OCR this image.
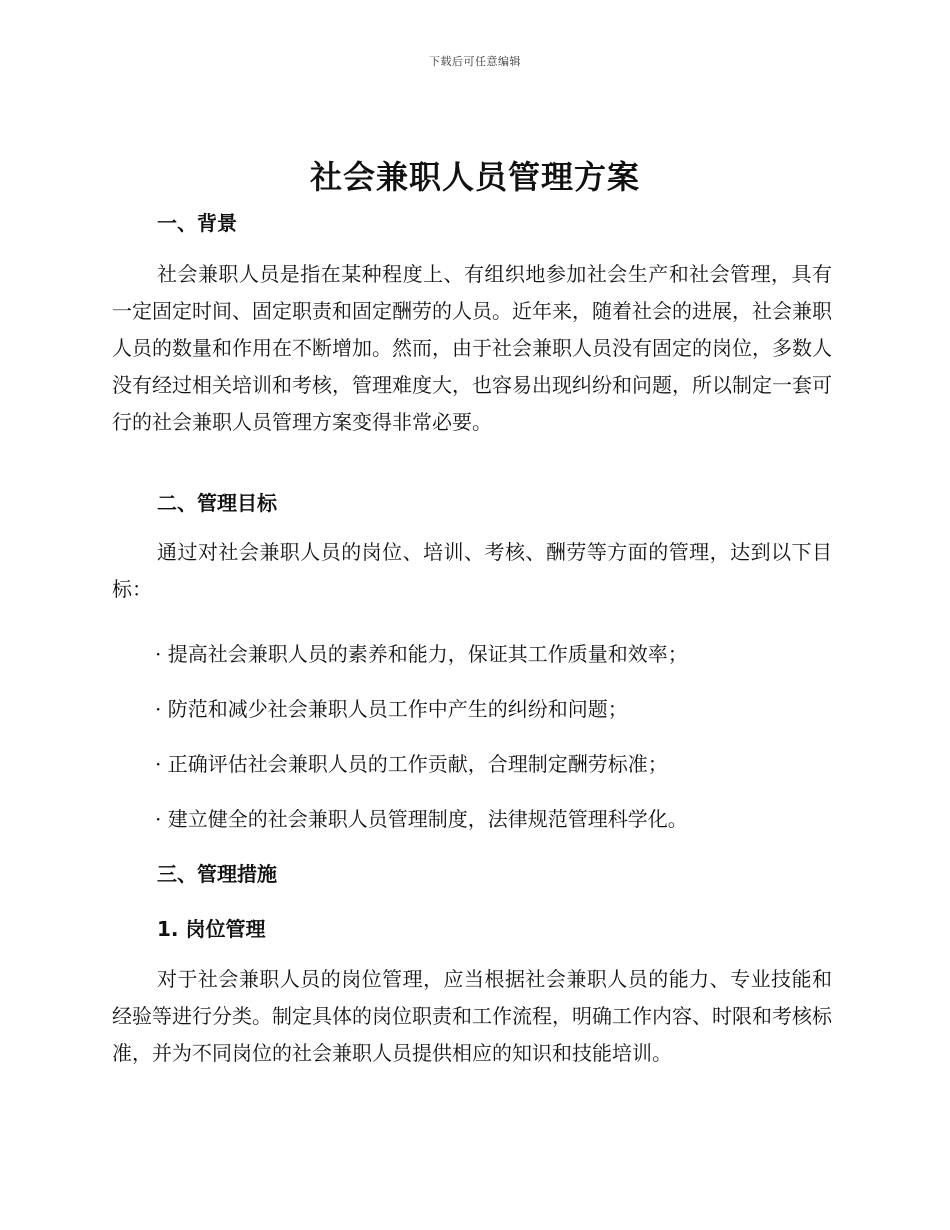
下载后可任意编辑
社会兼职人员管理方案
一、背景

社会兼职人员是指在某种程度上、有组织地参加社会生产和社会管理，具有一定固定时间、固定职责和固定酬劳的人员。近年来，随着社会的进展，社会兼职人员的数量和作用在不断增加。然而，由于社会兼职人员没有固定的岗位，多数人没有经过相关培训和考核，管理难度大，也容易出现纠纷和问题，所以制定一套可行的社会兼职人员管理方案变得非常必要。

二、管理目标

通过对社会兼职人员的岗位、培训、考核、酬劳等方面的管理，达到以下目标：

· 提高社会兼职人员的素养和能力，保证其工作质量和效率；

· 防范和减少社会兼职人员工作中产生的纠纷和问题；

· 正确评估社会兼职人员的工作贡献，合理制定酬劳标准；

· 建立健全的社会兼职人员管理制度，法律规范管理科学化。

三、管理措施
1. 岗位管理

对于社会兼职人员的岗位管理，应当根据社会兼职人员的能力、专业技能和经验等进行分类。制定具体的岗位职责和工作流程，明确工作内容、时限和考核标准，并为不同岗位的社会兼职人员提供相应的知识和技能培训。
